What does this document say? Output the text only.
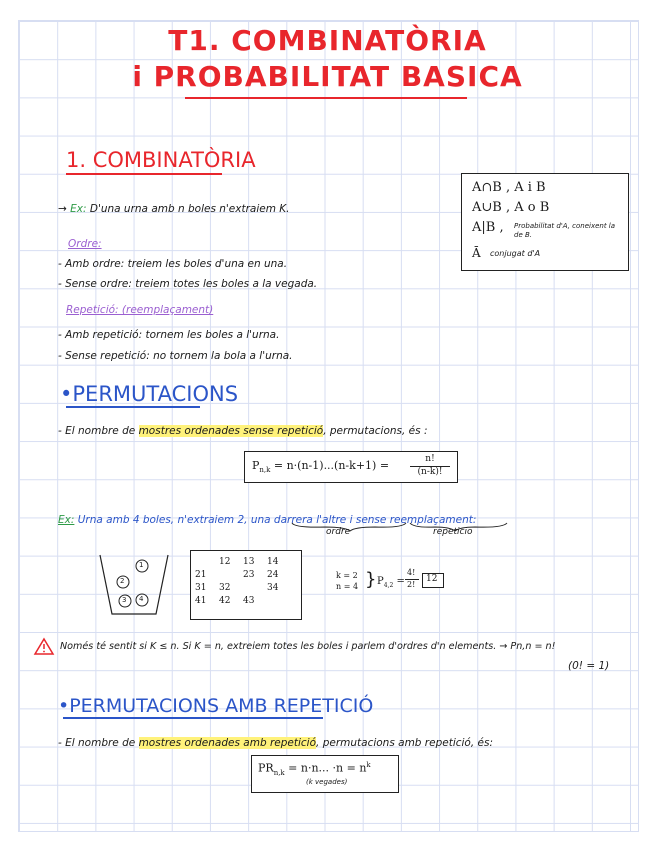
T1. COMBINATÒRIA
i PROBABILITAT BASICA
1. COMBINATÒRIA
→ Ex: D'una urna amb n boles n'extraiem K.
Ordre:
- Amb ordre: treiem les boles d'una en una.
- Sense ordre: treiem totes les boles a la vegada.
Repetició: (reemplaçament)
- Amb repetició: tornem les boles a l'urna.
- Sense repetició: no tornem la bola a l'urna.
A∩B , A i B
A∪B , A o B
A|B , Probabilitat d'A, coneixent la de B.
Ā conjugat d'A
•PERMUTACIONS
- El nombre de mostres ordenades sense repetició, permutacions, és :
$P_{n,k} = n\cdot(n-1)...(n-k+1)$ =	n!
(n-k)!
Ex: Urna amb 4 boles, n'extraiem 2, una darrera l'altre i sense reemplaçament:
ordre	repeticio
1
2
3 4
12	13	14
21	23	24
31	32	34
41	42	43
k = 2
n = 4 } $P_{4,2}$ =
4!
2!
12
Només té sentit si K ≤ n. Si K = n, extreiem totes les boles i parlem d'ordres d'n elements. → Pn,n = n!
(0! = 1)
•PERMUTACIONS AMB REPETICIÓ
- El nombre de mostres ordenades amb repetició, permutacions amb repetició, és:
$PR_{n,k} = n\cdot n$... $\cdot n = n^k$
(k vegades)
